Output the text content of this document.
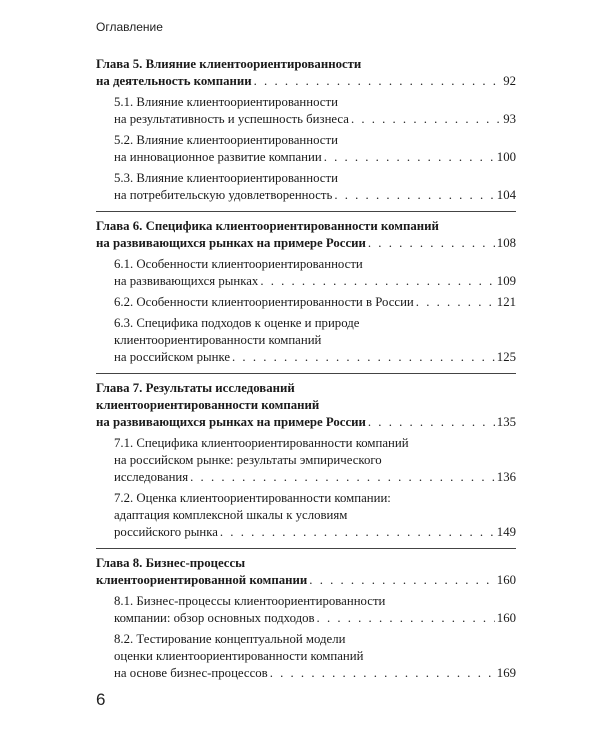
Оглавление
Глава 5. Влияние клиентоориентированности
на деятельность компании . . .	92
5.1. Влияние клиентоориентированности
на результативность и успешность бизнеса . . .	93
5.2. Влияние клиентоориентированности
на инновационное развитие компании . . .	100
5.3. Влияние клиентоориентированности
на потребительскую удовлетворенность . . .	104
Глава 6. Специфика клиентоориентированности компаний
на развивающихся рынках на примере России . . .	108
6.1. Особенности клиентоориентированности
на развивающихся рынках . . .	109
6.2. Особенности клиентоориентированности в России . . .	121
6.3. Специфика подходов к оценке и природе
клиентоориентированности компаний
на российском рынке . . .	125
Глава 7. Результаты исследований
клиентоориентированности компаний
на развивающихся рынках на примере России . . .	135
7.1. Специфика клиентоориентированности компаний
на российском рынке: результаты эмпирического
исследования . . .	136
7.2. Оценка клиентоориентированности компании:
адаптация комплексной шкалы к условиям
российского рынка . . .	149
Глава 8. Бизнес-процессы
клиентоориентированной компании . . .	160
8.1. Бизнес-процессы клиентоориентированности
компании: обзор основных подходов . . .	160
8.2. Тестирование концептуальной модели
оценки клиентоориентированности компаний
на основе бизнес-процессов . . .	169
6
